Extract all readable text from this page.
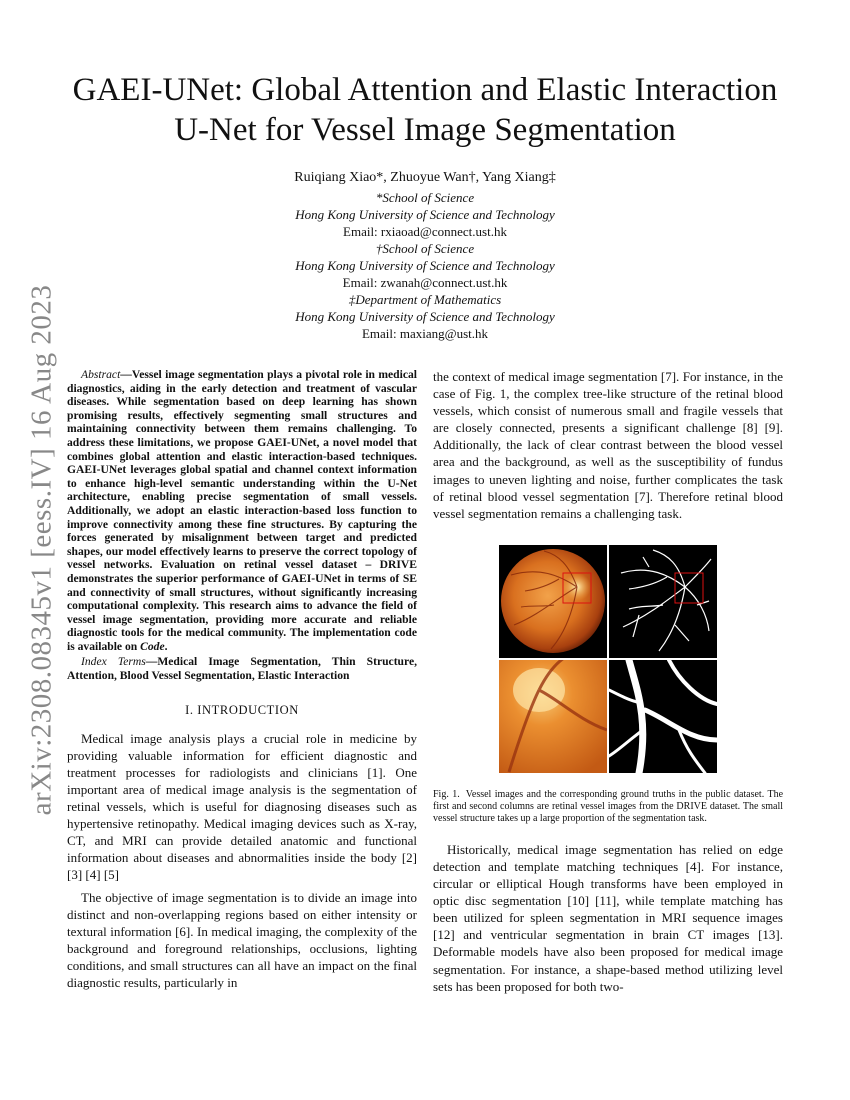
arXiv:2308.08345v1 [eess.IV] 16 Aug 2023
GAEI-UNet: Global Attention and Elastic Interaction U-Net for Vessel Image Segmentation
Ruiqiang Xiao*, Zhuoyue Wan†, Yang Xiang‡
*School of Science
Hong Kong University of Science and Technology
Email: rxiaoad@connect.ust.hk
†School of Science
Hong Kong University of Science and Technology
Email: zwanah@connect.ust.hk
‡Department of Mathematics
Hong Kong University of Science and Technology
Email: maxiang@ust.hk

Abstract—Vessel image segmentation plays a pivotal role in medical diagnostics, aiding in the early detection and treatment of vascular diseases. While segmentation based on deep learning has shown promising results, effectively segmenting small structures and maintaining connectivity between them remains challenging. To address these limitations, we propose GAEI-UNet, a novel model that combines global attention and elastic interaction-based techniques. GAEI-UNet leverages global spatial and channel context information to enhance high-level semantic understanding within the U-Net architecture, enabling precise segmentation of small vessels. Additionally, we adopt an elastic interaction-based loss function to improve connectivity among these fine structures. By capturing the forces generated by misalignment between target and predicted shapes, our model effectively learns to preserve the correct topology of vessel networks. Evaluation on retinal vessel dataset – DRIVE demonstrates the superior performance of GAEI-UNet in terms of SE and connectivity of small structures, without significantly increasing computational complexity. This research aims to advance the field of vessel image segmentation, providing more accurate and reliable diagnostic tools for the medical community. The implementation code is available on Code.

Index Terms—Medical Image Segmentation, Thin Structure, Attention, Blood Vessel Segmentation, Elastic Interaction

I. INTRODUCTION

Medical image analysis plays a crucial role in medicine by providing valuable information for efficient diagnostic and treatment processes for radiologists and clinicians [1]. One important area of medical image analysis is the segmentation of retinal vessels, which is useful for diagnosing diseases such as hypertensive retinopathy. Medical imaging devices such as X-ray, CT, and MRI can provide detailed anatomic and functional information about diseases and abnormalities inside the body [2] [3] [4] [5]

The objective of image segmentation is to divide an image into distinct and non-overlapping regions based on either intensity or textural information [6]. In medical imaging, the complexity of the background and foreground relationships, occlusions, lighting conditions, and small structures can all have an impact on the final diagnostic results, particularly in

the context of medical image segmentation [7]. For instance, in the case of Fig. 1, the complex tree-like structure of the retinal blood vessels, which consist of numerous small and fragile vessels that are closely connected, presents a significant challenge [8] [9]. Additionally, the lack of clear contrast between the blood vessel area and the background, as well as the susceptibility of fundus images to uneven lighting and noise, further complicates the task of retinal blood vessel segmentation [7]. Therefore retinal blood vessel segmentation remains a challenging task.

Fig. 1. Vessel images and the corresponding ground truths in the public dataset. The first and second columns are retinal vessel images from the DRIVE dataset. The small vessel structure takes up a large proportion of the segmentation task.

Historically, medical image segmentation has relied on edge detection and template matching techniques [4]. For instance, circular or elliptical Hough transforms have been employed in optic disc segmentation [10] [11], while template matching has been utilized for spleen segmentation in MRI sequence images [12] and ventricular segmentation in brain CT images [13]. Deformable models have also been proposed for medical image segmentation. For instance, a shape-based method utilizing level sets has been proposed for both two-
